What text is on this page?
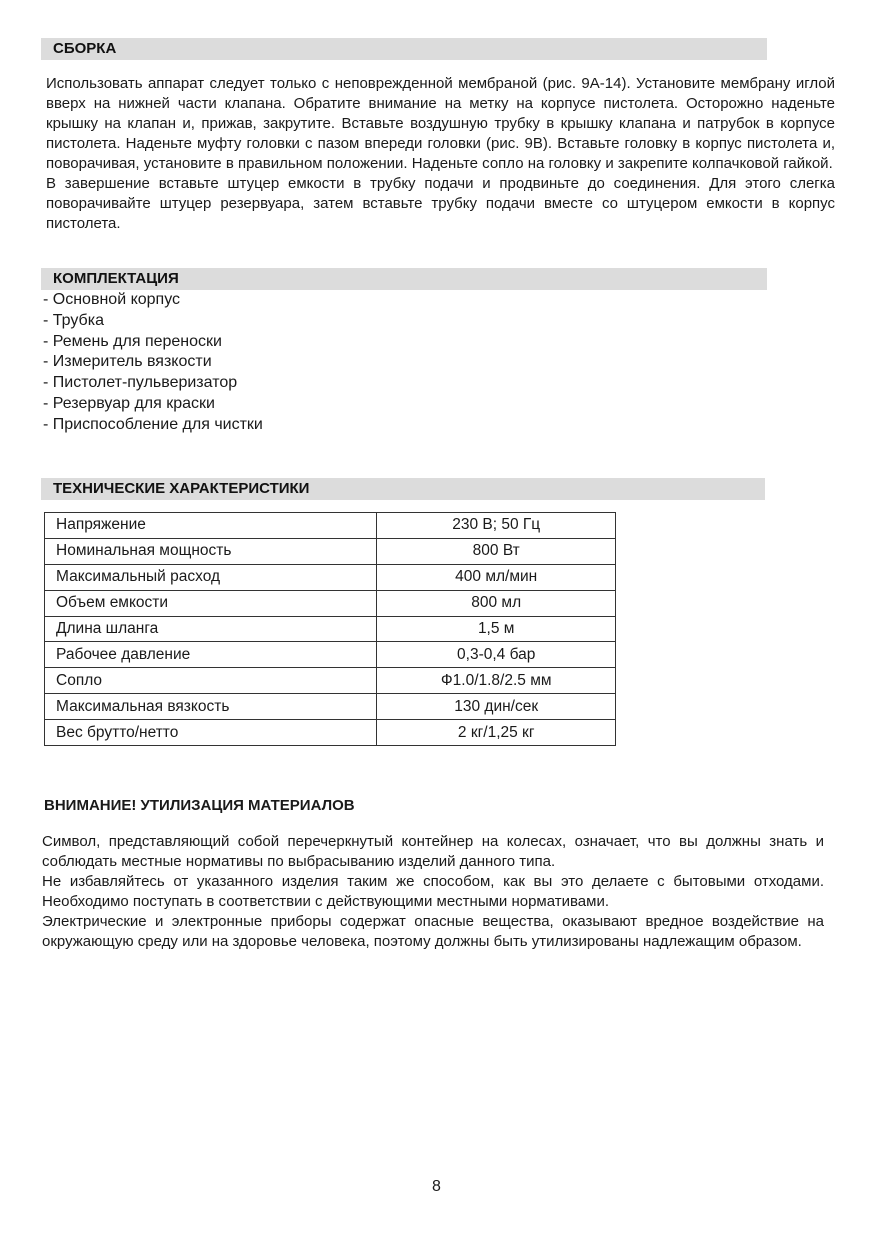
СБОРКА

Использовать аппарат следует только с неповрежденной мембраной (рис. 9А-14). Установите мембрану иглой вверх на нижней части клапана. Обратите внимание на метку на корпусе пистолета. Осторожно наденьте крышку на клапан и, прижав, закрутите. Вставьте воздушную трубку в крышку клапана и патрубок в корпусе пистолета. Наденьте муфту головки с пазом впереди головки (рис. 9В). Вставьте головку в корпус пистолета и, поворачивая, установите в правильном положении. Наденьте сопло на головку и закрепите колпачковой гайкой.

В завершение вставьте штуцер емкости в трубку подачи и продвиньте до соединения. Для этого слегка поворачивайте штуцер резервуара, затем вставьте трубку подачи вместе со штуцером емкости в корпус пистолета.

КОМПЛЕКТАЦИЯ
- Основной корпус
- Трубка
- Ремень для переноски
- Измеритель вязкости
- Пистолет-пульверизатор
- Резервуар для краски
- Приспособление для чистки
ТЕХНИЧЕСКИЕ ХАРАКТЕРИСТИКИ
Напряжение	230 В; 50 Гц
Номинальная мощность	800 Вт
Максимальный расход	400 мл/мин
Объем емкости	800 мл
Длина шланга	1,5 м
Рабочее давление	0,3-0,4 бар
Сопло	Ф1.0/1.8/2.5 мм
Максимальная вязкость	130 дин/сек
Вес брутто/нетто	2 кг/1,25 кг
ВНИМАНИЕ! УТИЛИЗАЦИЯ МАТЕРИАЛОВ

Символ, представляющий собой перечеркнутый контейнер на колесах, означает, что вы должны знать и соблюдать местные нормативы по выбрасыванию изделий данного типа.

Не избавляйтесь от указанного изделия таким же способом, как вы это делаете с бытовыми отходами. Необходимо поступать в соответствии с действующими местными нормативами.

Электрические и электронные приборы содержат опасные вещества, оказывают вредное воздействие на окружающую среду или на здоровье человека, поэтому должны быть утилизированы надлежащим образом.

8
